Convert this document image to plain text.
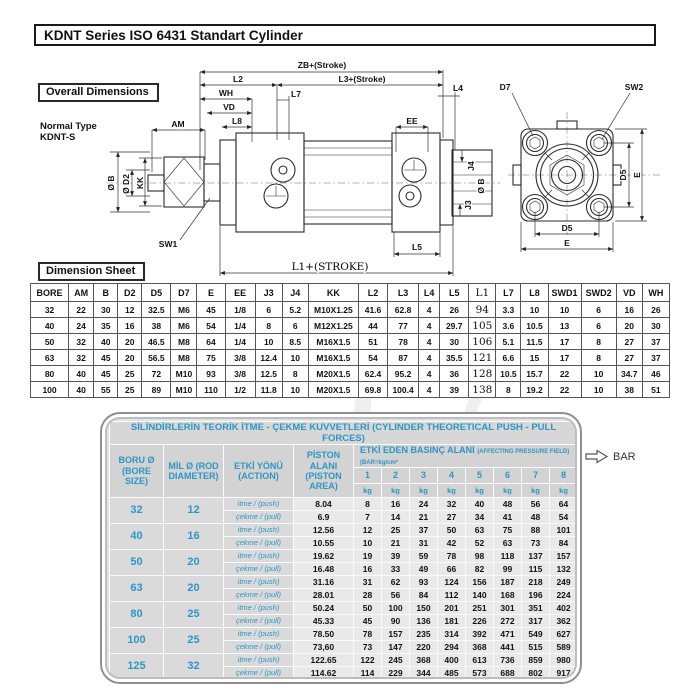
KDNT Series ISO 6431 Standart Cylinder
Overall Dimensions
Normal Type
KDNT-S
Dimension Sheet
J4
Ø B
J3
ZB+(Stroke)
L2	L3+(Stroke)
L4
WH
VD
L8
L7
EE
AM
D7	SW2
Ø B Ø D2 KK
SW1	L5
L1+(STROKE)
D5
E
D5 E
BORE	AM	B	D2	D5	D7	E	EE	J3	J4	KK	L2	L3	L4	L5	L1	L7	L8	SWD1	SWD2	VD	WH
32	22	30	12	32.5	M6	45	1/8	6	5.2	M10X1.25	41.6	62.8	4	26	94	3.3	10	10	6	16	26
40	24	35	16	38	M6	54	1/4	8	6	M12X1.25	44	77	4	29.7	105	3.6	10.5	13	6	20	30
50	32	40	20	46.5	M8	64	1/4	10	8.5	M16X1.5	51	78	4	30	106	5.1	11.5	17	8	27	37
63	32	45	20	56.5	M8	75	3/8	12.4	10	M16X1.5	54	87	4	35.5	121	6.6	15	17	8	27	37
80	40	45	25	72	M10	93	3/8	12.5	8	M20X1.5	62.4	95.2	4	36	128	10.5	15.7	22	10	34.7	46
100	40	55	25	89	M10	110	1/2	11.8	10	M20X1.5	69.8	100.4	4	39	138	8	19.2	22	10	38	51
SİLİNDİRLERİN TEORİK İTME - ÇEKME KUVVETLERİ (CYLINDER THEORETICAL PUSH - PULL FORCES)											
BORU Ø (BORE SIZE)	MİL Ø (ROD DIAMETER)	ETKİ YÖNÜ (ACTION)	PİSTON ALANI (PISTON AREA)	ETKİ EDEN BASINÇ ALANI (AFFECTING PRESSURE FIELD) (BAR=kg/cm²							
				1	2	3	4	5	6	7	8
				kg	kg	kg	kg	kg	kg	kg	kg
32	12	itme / (push)	8.04	8	16	24	32	40	48	56	64
		çekme / (pull)	6.9	7	14	21	27	34	41	48	54
40	16	itme / (push)	12.56	12	25	37	50	63	75	88	101
		çekme / (pull)	10.55	10	21	31	42	52	63	73	84
50	20	itme / (push)	19.62	19	39	59	78	98	118	137	157
		çekme / (pull)	16.48	16	33	49	66	82	99	115	132
63	20	itme / (push)	31.16	31	62	93	124	156	187	218	249
		çekme / (pull)	28.01	28	56	84	112	140	168	196	224
80	25	itme / (push)	50.24	50	100	150	201	251	301	351	402
		çekme / (pull)	45.33	45	90	136	181	226	272	317	362
100	25	itme / (push)	78.50	78	157	235	314	392	471	549	627
		çekme / (pull)	73,60	73	147	220	294	368	441	515	589
125	32	itme / (push)	122.65	122	245	368	400	613	736	859	980
		çekme / (pull)	114.62	114	229	344	485	573	688	802	917
BAR
